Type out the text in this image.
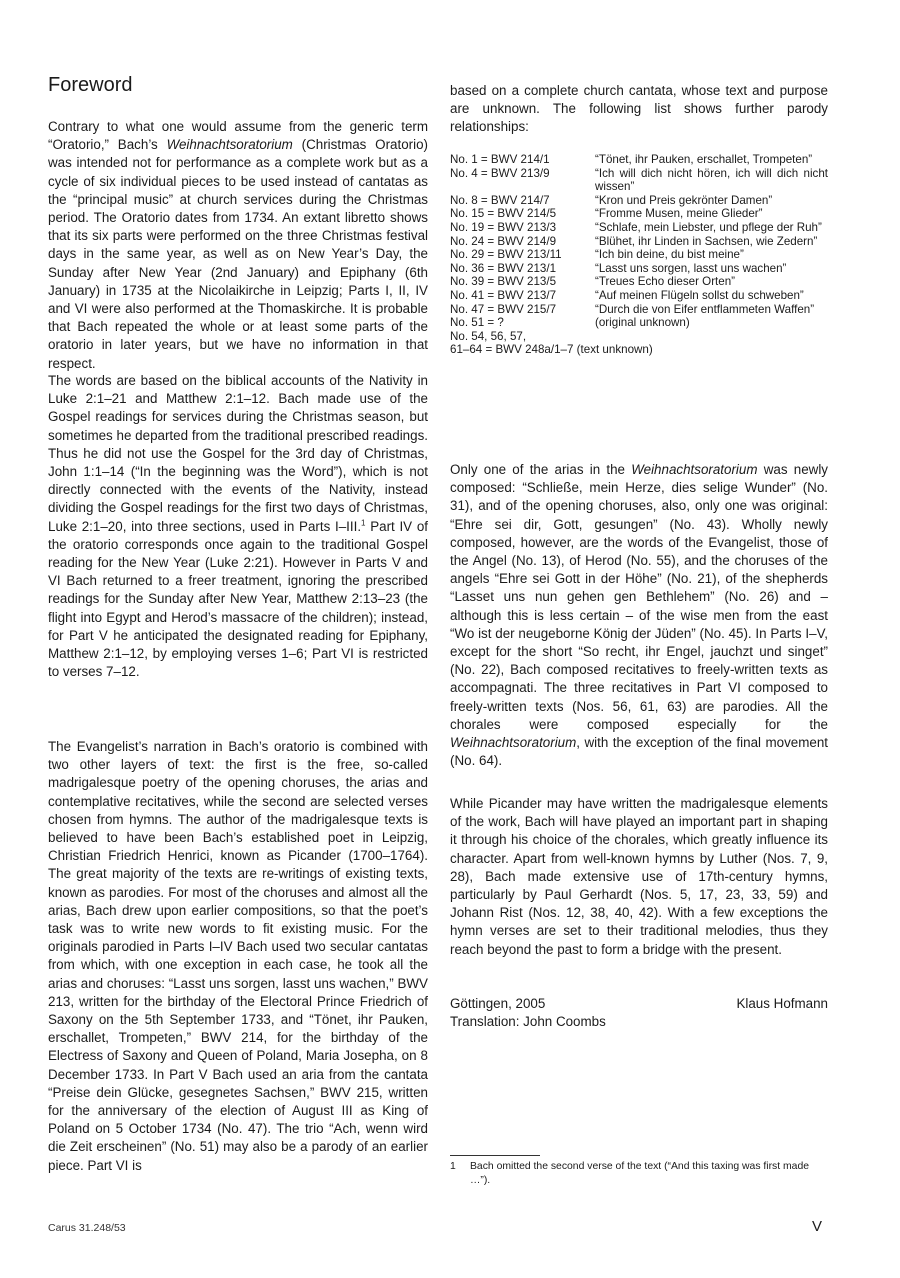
Foreword

Contrary to what one would assume from the generic term “Oratorio,” Bach’s Weihnachtsoratorium (Christmas Oratorio) was intended not for performance as a complete work but as a cycle of six individual pieces to be used instead of cantatas as the “principal music” at church services during the Christmas period. The Oratorio dates from 1734. An extant libretto shows that its six parts were performed on the three Christmas festival days in the same year, as well as on New Year’s Day, the Sunday after New Year (2nd January) and Epiphany (6th January) in 1735 at the Nicolaikirche in Leipzig; Parts I, II, IV and VI were also performed at the Thomaskirche. It is probable that Bach repeated the whole or at least some parts of the oratorio in later years, but we have no information in that respect.

The words are based on the biblical accounts of the Nativity in Luke 2:1–21 and Matthew 2:1–12. Bach made use of the Gospel readings for services during the Christmas season, but sometimes he departed from the traditional prescribed readings. Thus he did not use the Gospel for the 3rd day of Christmas, John 1:1–14 (“In the beginning was the Word”), which is not directly connected with the events of the Nativity, instead dividing the Gospel readings for the first two days of Christmas, Luke 2:1–20, into three sections, used in Parts I–III.$^1$ Part IV of the oratorio corresponds once again to the traditional Gospel reading for the New Year (Luke 2:21). However in Parts V and VI Bach returned to a freer treatment, ignoring the prescribed readings for the Sunday after New Year, Matthew 2:13–23 (the flight into Egypt and Herod’s massacre of the children); instead, for Part V he anticipated the designated reading for Epiphany, Matthew 2:1–12, by employing verses 1–6; Part VI is restricted to verses 7–12.

The Evangelist’s narration in Bach’s oratorio is combined with two other layers of text: the first is the free, so-called madrigalesque poetry of the opening choruses, the arias and contemplative recitatives, while the second are selected verses chosen from hymns. The author of the madrigalesque texts is believed to have been Bach’s established poet in Leipzig, Christian Friedrich Henrici, known as Picander (1700–1764). The great majority of the texts are re-writings of existing texts, known as parodies. For most of the choruses and almost all the arias, Bach drew upon earlier compositions, so that the poet’s task was to write new words to fit existing music. For the originals parodied in Parts I–IV Bach used two secular cantatas from which, with one exception in each case, he took all the arias and choruses: “Lasst uns sorgen, lasst uns wachen,” BWV 213, written for the birthday of the Electoral Prince Friedrich of Saxony on the 5th September 1733, and “Tönet, ihr Pauken, erschallet, Trompeten,” BWV 214, for the birthday of the Electress of Saxony and Queen of Poland, Maria Josepha, on 8 December 1733. In Part V Bach used an aria from the cantata “Preise dein Glücke, gesegnetes Sachsen,” BWV 215, written for the anniversary of the election of August III as King of Poland on 5 October 1734 (No. 47). The trio “Ach, wenn wird die Zeit erscheinen” (No. 51) may also be a parody of an earlier piece. Part VI is

based on a complete church cantata, whose text and purpose are unknown. The following list shows further parody relationships:

No. 1 = BWV 214/1	“Tönet, ihr Pauken, erschallet, Trompeten”
No. 4 = BWV 213/9	“Ich will dich nicht hören, ich will dich nicht wissen”
No. 8 = BWV 214/7	“Kron und Preis gekrönter Damen”
No. 15 = BWV 214/5	“Fromme Musen, meine Glieder”
No. 19 = BWV 213/3	“Schlafe, mein Liebster, und pflege der Ruh”
No. 24 = BWV 214/9	“Blühet, ihr Linden in Sachsen, wie Zedern”
No. 29 = BWV 213/11	“Ich bin deine, du bist meine”
No. 36 = BWV 213/1	“Lasst uns sorgen, lasst uns wachen”
No. 39 = BWV 213/5	“Treues Echo dieser Orten”
No. 41 = BWV 213/7	“Auf meinen Flügeln sollst du schweben”
No. 47 = BWV 215/7	“Durch die von Eifer entflammeten Waffen”
No. 51 = ?	(original unknown)
No. 54, 56, 57,	
61–64 = BWV 248a/1–7 (text unknown)	

Only one of the arias in the Weihnachtsoratorium was newly composed: “Schließe, mein Herze, dies selige Wunder” (No. 31), and of the opening choruses, also, only one was original: “Ehre sei dir, Gott, gesungen” (No. 43). Wholly newly composed, however, are the words of the Evangelist, those of the Angel (No. 13), of Herod (No. 55), and the choruses of the angels “Ehre sei Gott in der Höhe” (No. 21), of the shepherds “Lasset uns nun gehen gen Bethlehem” (No. 26) and – although this is less certain – of the wise men from the east “Wo ist der neugeborne König der Jüden” (No. 45). In Parts I–V, except for the short “So recht, ihr Engel, jauchzt und singet” (No. 22), Bach composed recitatives to freely-written texts as accompagnati. The three recitatives in Part VI composed to freely-written texts (Nos. 56, 61, 63) are parodies. All the chorales were composed especially for the Weihnachtsoratorium, with the exception of the final movement (No. 64).

While Picander may have written the madrigalesque elements of the work, Bach will have played an important part in shaping it through his choice of the chorales, which greatly influence its character. Apart from well-known hymns by Luther (Nos. 7, 9, 28), Bach made extensive use of 17th-century hymns, particularly by Paul Gerhardt (Nos. 5, 17, 23, 33, 59) and Johann Rist (Nos. 12, 38, 40, 42). With a few exceptions the hymn verses are set to their traditional melodies, thus they reach beyond the past to form a bridge with the present.

Göttingen, 2005	Klaus Hofmann
Translation: John Coombs
1 Bach omitted the second verse of the text (“And this taxing was first made …”).
Carus 31.248/53	V
